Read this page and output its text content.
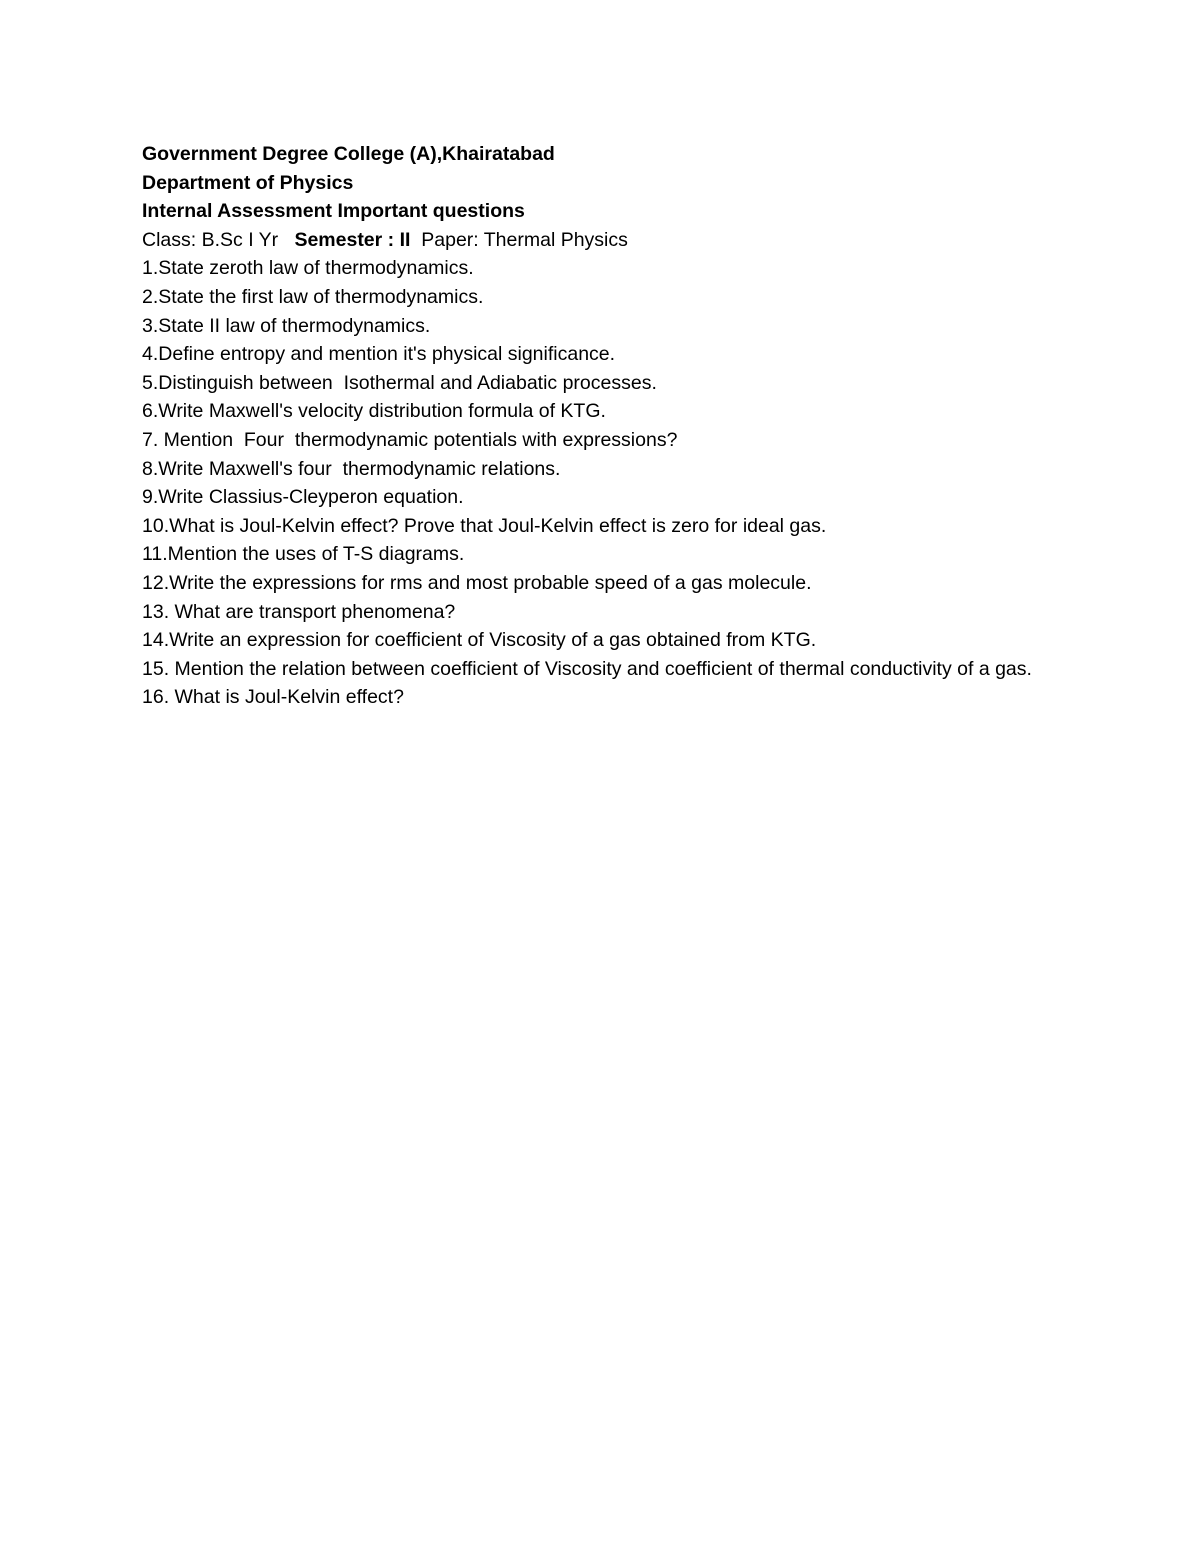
Government Degree College (A),Khairatabad

Department of Physics

Internal Assessment Important questions

Class: B.Sc I Yr   Semester : II  Paper: Thermal Physics

1.State zeroth law of thermodynamics.
2.State the first law of thermodynamics.
3.State II law of thermodynamics.
4.Define entropy and mention it's physical significance.
5.Distinguish between  Isothermal and Adiabatic processes.
6.Write Maxwell's velocity distribution formula of KTG.
7. Mention  Four  thermodynamic potentials with expressions?
8.Write Maxwell's four  thermodynamic relations.
9.Write Classius-Cleyperon equation.
10.What is Joul-Kelvin effect? Prove that Joul-Kelvin effect is zero for ideal gas.
11.Mention the uses of T-S diagrams.
12.Write the expressions for rms and most probable speed of a gas molecule.
13. What are transport phenomena?
14.Write an expression for coefficient of Viscosity of a gas obtained from KTG.
15. Mention the relation between coefficient of Viscosity and coefficient of thermal conductivity of a gas.
16. What is Joul-Kelvin effect?
